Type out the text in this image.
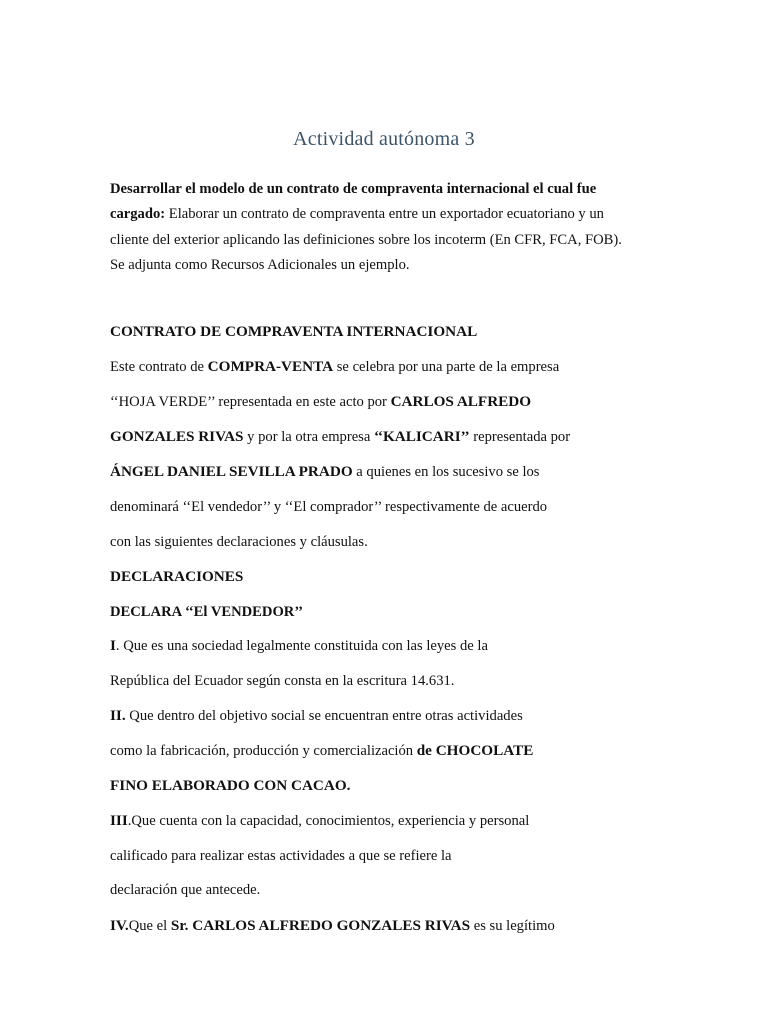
Actividad autónoma 3
Desarrollar el modelo de un contrato de compraventa internacional el cual fue
cargado: Elaborar un contrato de compraventa entre un exportador ecuatoriano y un
cliente del exterior aplicando las definiciones sobre los incoterm (En CFR, FCA, FOB).
Se adjunta como Recursos Adicionales un ejemplo.
CONTRATO DE COMPRAVENTA INTERNACIONAL
Este contrato de COMPRA-VENTA se celebra por una parte de la empresa
‘‘HOJA VERDE’’ representada en este acto por CARLOS ALFREDO
GONZALES RIVAS y por la otra empresa ‘‘KALICARI’’ representada por
ÁNGEL DANIEL SEVILLA PRADO a quienes en los sucesivo se los
denominará ‘‘El vendedor’’ y ‘‘El comprador’’ respectivamente de acuerdo
con las siguientes declaraciones y cláusulas.
DECLARACIONES
DECLARA ‘‘El VENDEDOR’’
I. Que es una sociedad legalmente constituida con las leyes de la
República del Ecuador según consta en la escritura 14.631.
II. Que dentro del objetivo social se encuentran entre otras actividades
como la fabricación, producción y comercialización de CHOCOLATE
FINO ELABORADO CON CACAO.
III.Que cuenta con la capacidad, conocimientos, experiencia y personal
calificado para realizar estas actividades a que se refiere la
declaración que antecede.
IV.Que el Sr. CARLOS ALFREDO GONZALES RIVAS es su legítimo
